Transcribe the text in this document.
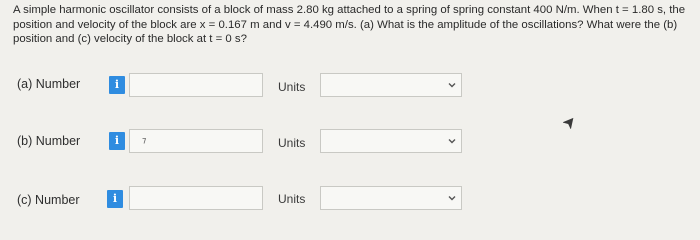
A simple harmonic oscillator consists of a block of mass 2.80 kg attached to a spring of spring constant 400 N/m. When t = 1.80 s, the position and velocity of the block are x = 0.167 m and v = 4.490 m/s. (a) What is the amplitude of the oscillations? What were the (b) position and (c) velocity of the block at t = 0 s?
(a) Number	i	Units
(b) Number	i	Units
(c) Number	i	Units
